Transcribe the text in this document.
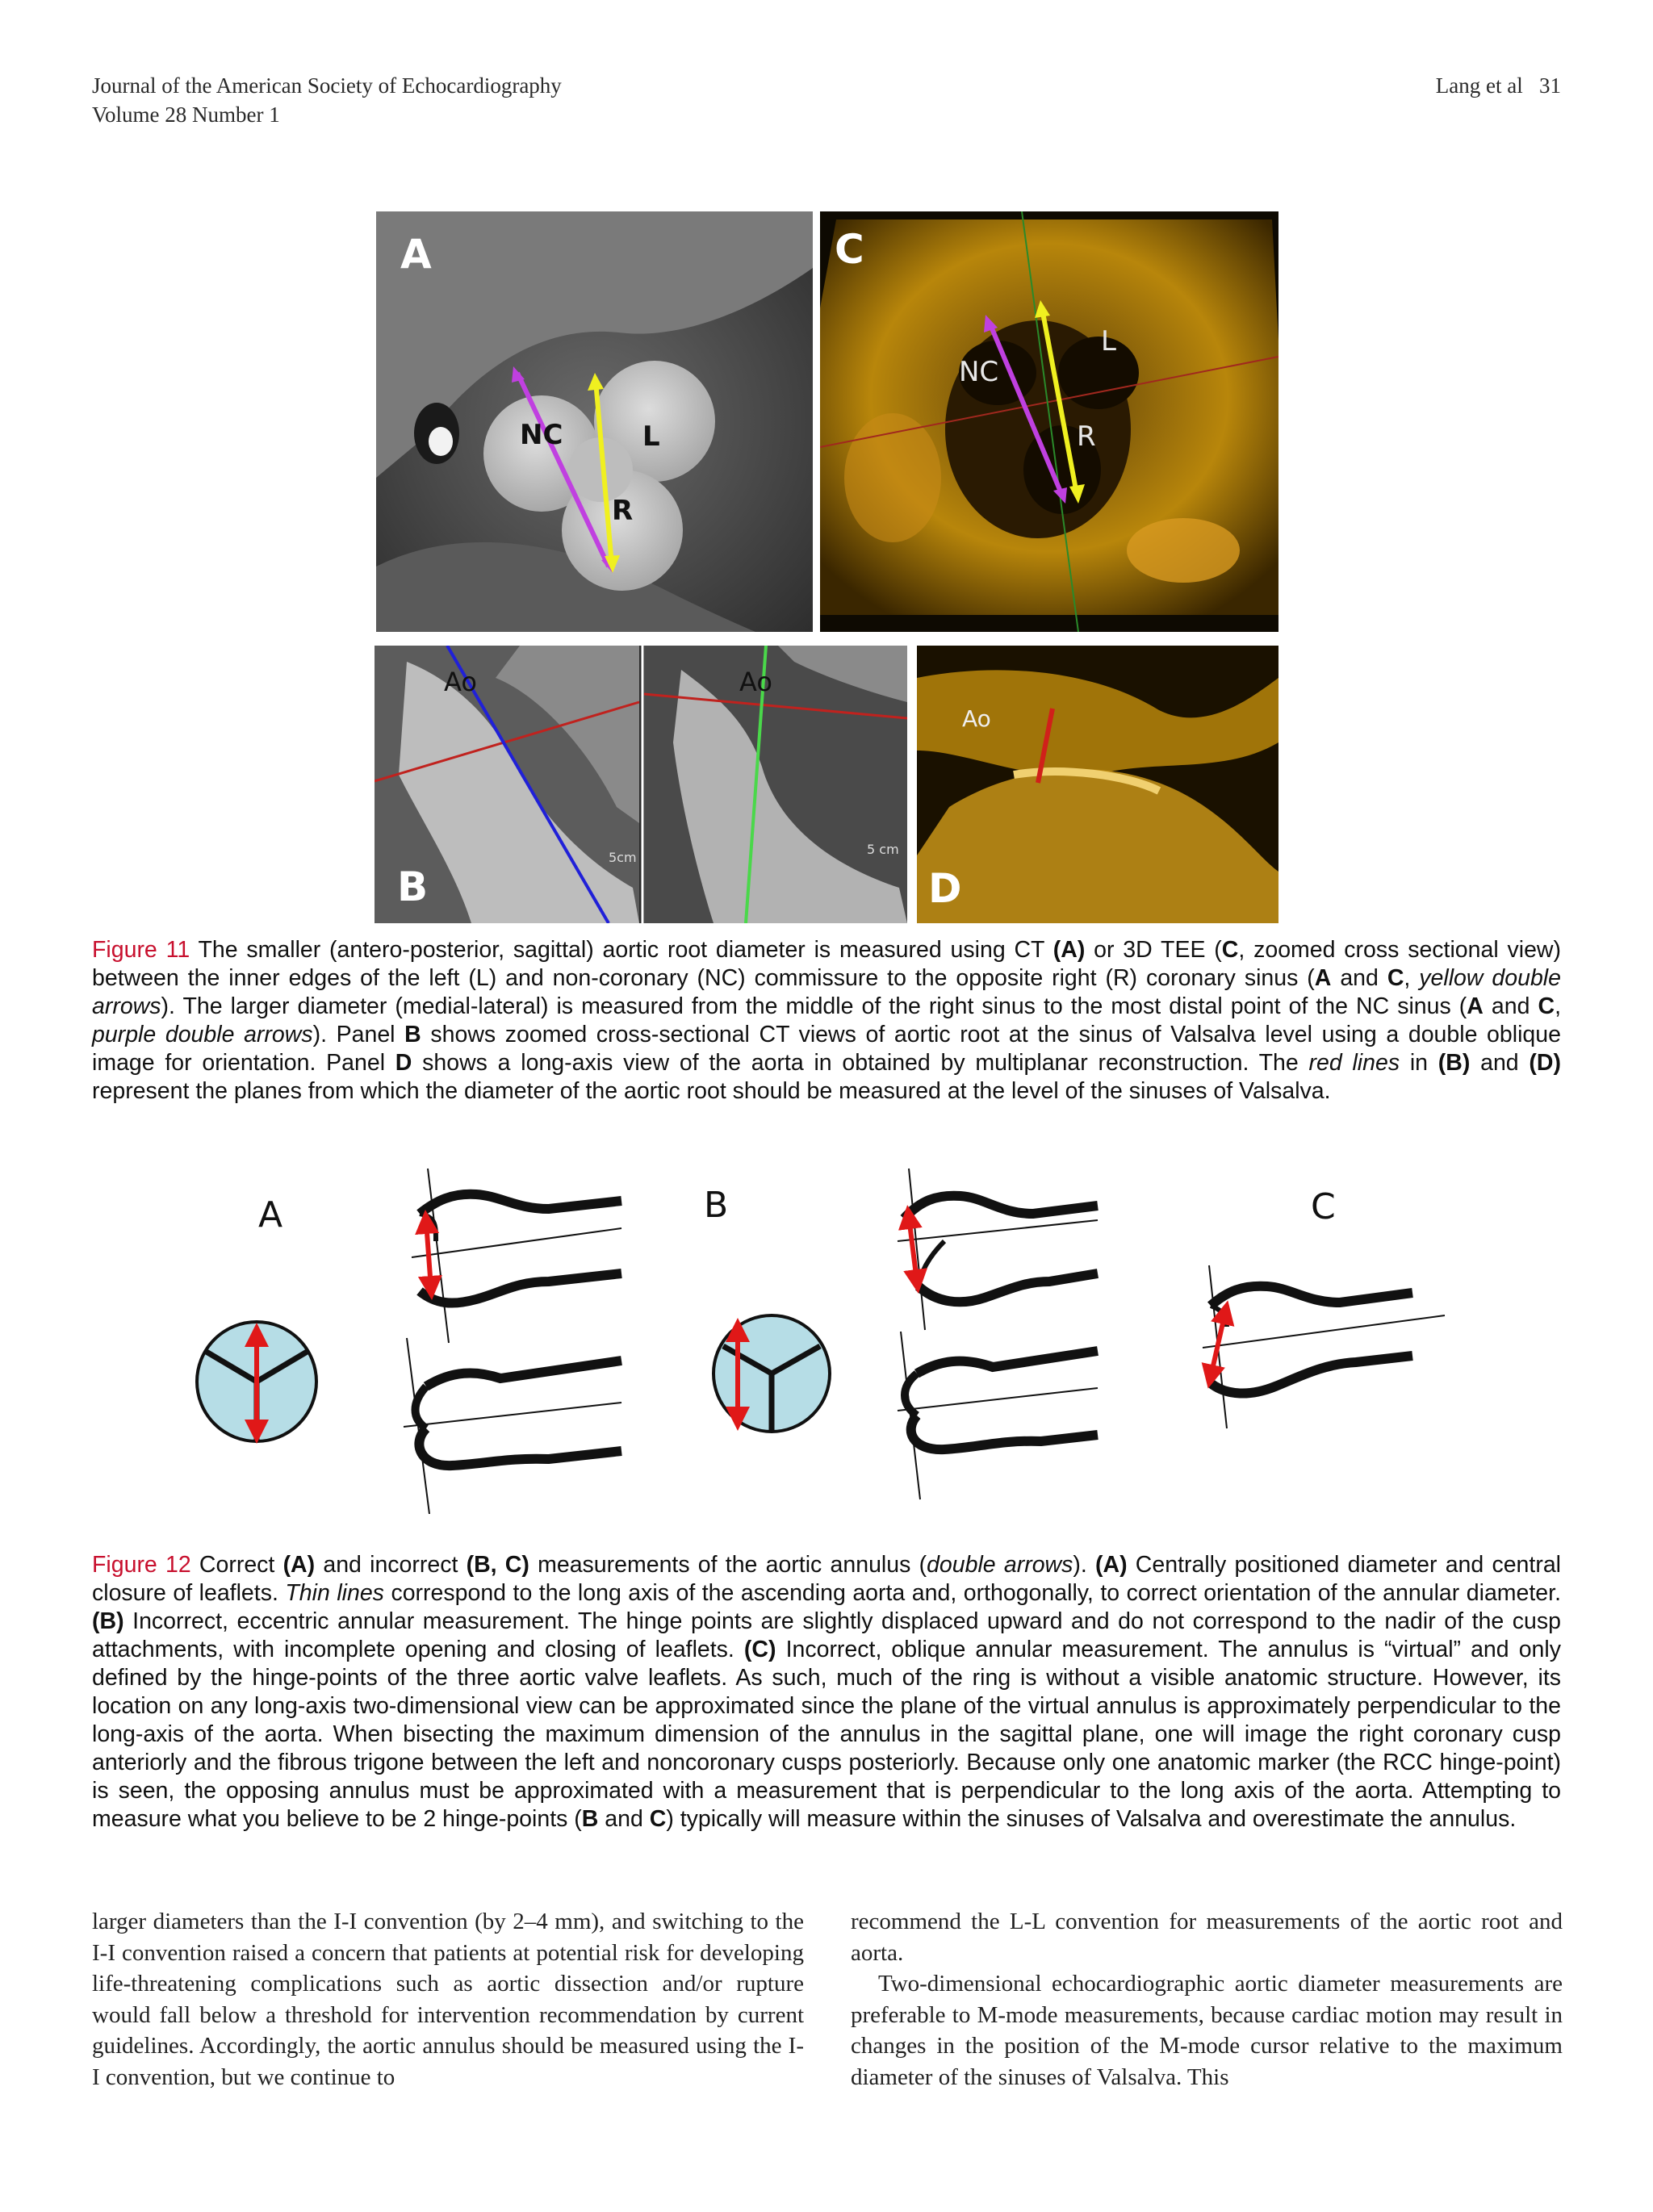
Journal of the American Society of Echocardiography
Volume 28 Number 1
Lang et al 31
NC	L
R
A
NC
L
R
C
Ao	Ao
5cm
5 cm
B
Ao
D
Figure 11 The smaller (antero-posterior, sagittal) aortic root diameter is measured using CT (A) or 3D TEE (C, zoomed cross sectional view) between the inner edges of the left (L) and non-coronary (NC) commissure to the opposite right (R) coronary sinus (A and C, yellow double arrows). The larger diameter (medial-lateral) is measured from the middle of the right sinus to the most distal point of the NC sinus (A and C, purple double arrows). Panel B shows zoomed cross-sectional CT views of aortic root at the sinus of Valsalva level using a double oblique image for orientation. Panel D shows a long-axis view of the aorta in obtained by multiplanar reconstruction. The red lines in (B) and (D) represent the planes from which the diameter of the aortic root should be measured at the level of the sinuses of Valsalva.
A	B	C
Figure 12 Correct (A) and incorrect (B, C) measurements of the aortic annulus (double arrows). (A) Centrally positioned diameter and central closure of leaflets. Thin lines correspond to the long axis of the ascending aorta and, orthogonally, to correct orientation of the annular diameter. (B) Incorrect, eccentric annular measurement. The hinge points are slightly displaced upward and do not correspond to the nadir of the cusp attachments, with incomplete opening and closing of leaflets. (C) Incorrect, oblique annular measurement. The annulus is “virtual” and only defined by the hinge-points of the three aortic valve leaflets. As such, much of the ring is without a visible anatomic structure. However, its location on any long-axis two-dimensional view can be approximated since the plane of the virtual annulus is approximately perpendicular to the long-axis of the aorta. When bisecting the maximum dimension of the annulus in the sagittal plane, one will image the right coronary cusp anteriorly and the fibrous trigone between the left and noncoronary cusps posteriorly. Because only one anatomic marker (the RCC hinge-point) is seen, the opposing annulus must be approximated with a measurement that is perpendicular to the long axis of the aorta. Attempting to measure what you believe to be 2 hinge-points (B and C) typically will measure within the sinuses of Valsalva and overestimate the annulus.

larger diameters than the I-I convention (by 2–4 mm), and switching to the I-I convention raised a concern that patients at potential risk for developing life-threatening complications such as aortic dissection and/or rupture would fall below a threshold for intervention recommendation by current guidelines. Accordingly, the aortic annulus should be measured using the I-I convention, but we continue to

recommend the L-L convention for measurements of the aortic root and aorta.

Two-dimensional echocardiographic aortic diameter measurements are preferable to M-mode measurements, because cardiac motion may result in changes in the position of the M-mode cursor relative to the maximum diameter of the sinuses of Valsalva. This
